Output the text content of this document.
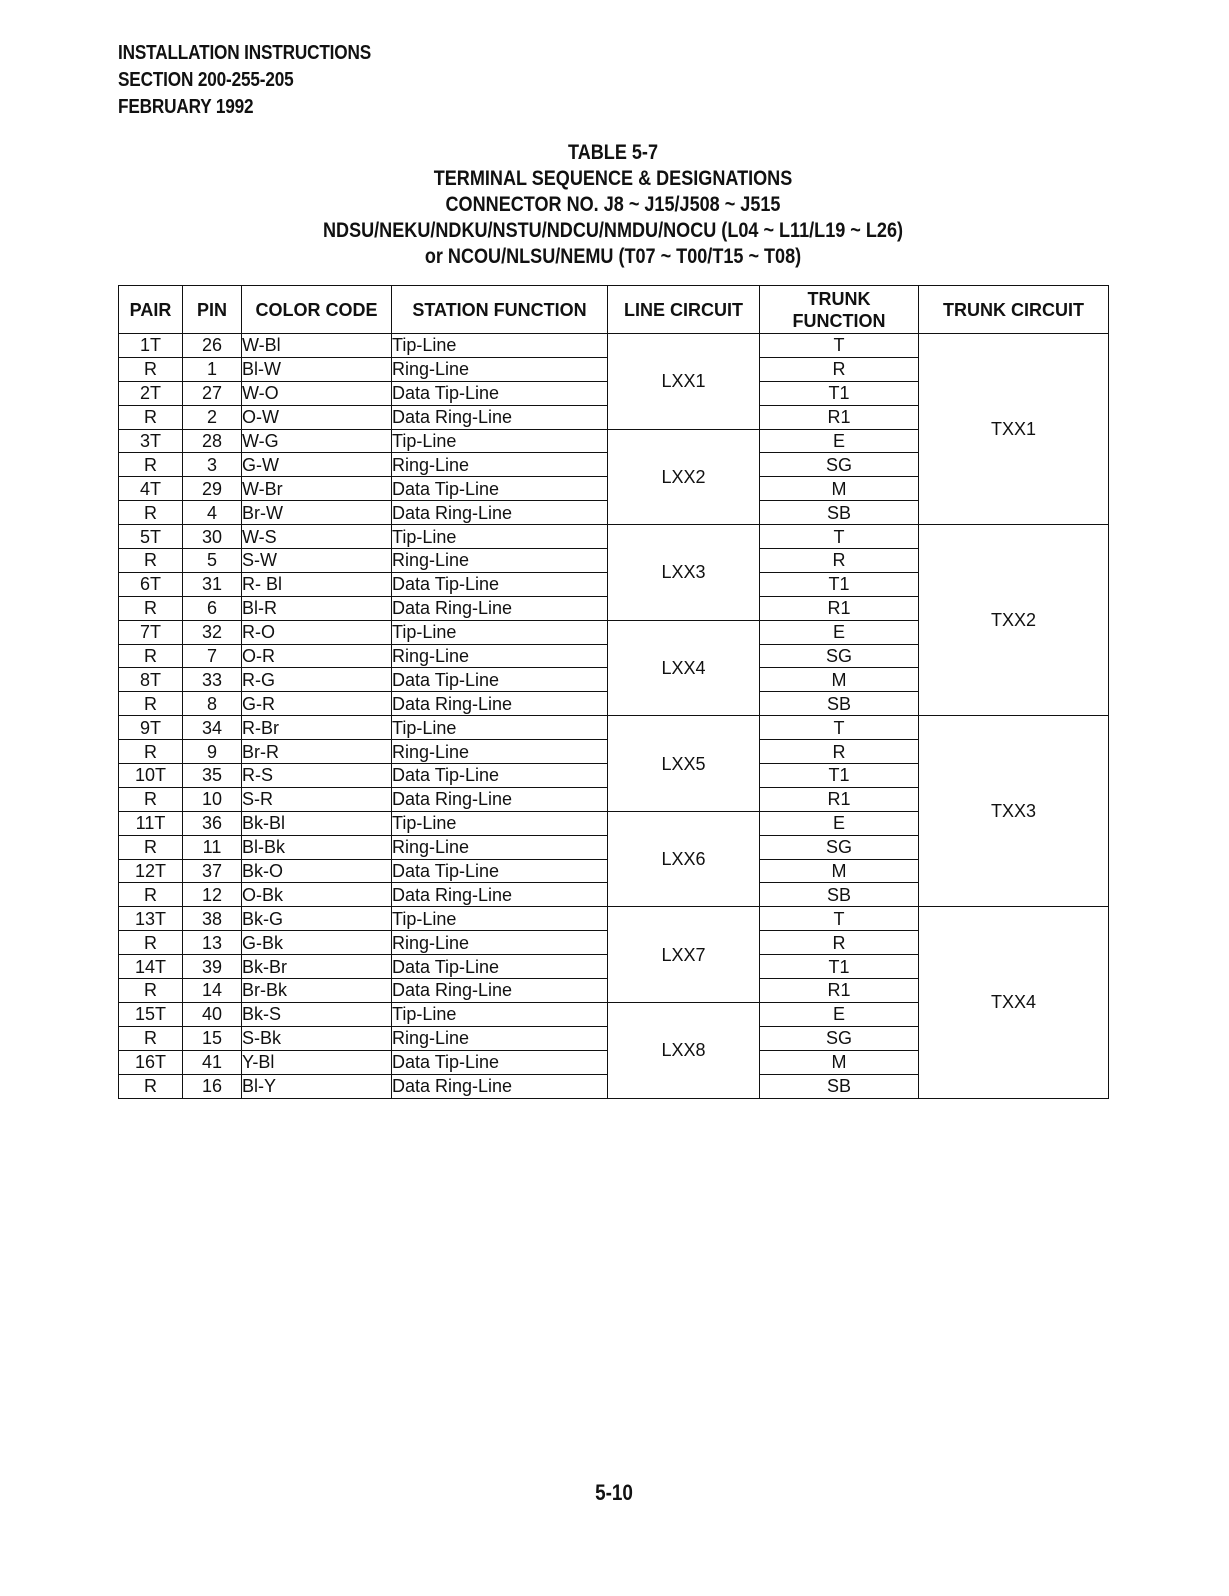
INSTALLATION INSTRUCTIONS
SECTION 200-255-205
FEBRUARY 1992
TABLE 5-7
TERMINAL SEQUENCE & DESIGNATIONS
CONNECTOR NO. J8 ~ J15/J508 ~ J515
NDSU/NEKU/NDKU/NSTU/NDCU/NMDU/NOCU (L04 ~ L11/L19 ~ L26)
or NCOU/NLSU/NEMU (T07 ~ T00/T15 ~ T08)
PAIR	PIN	COLOR CODE	STATION FUNCTION	LINE CIRCUIT	TRUNK FUNCTION	TRUNK CIRCUIT
1T	26	W-Bl	Tip-Line	LXX1	T	TXX1
R	1	Bl-W	Ring-Line		R	
2T	27	W-O	Data Tip-Line		T1	
R	2	O-W	Data Ring-Line		R1	
3T	28	W-G	Tip-Line	LXX2	E	
R	3	G-W	Ring-Line		SG	
4T	29	W-Br	Data Tip-Line		M	
R	4	Br-W	Data Ring-Line		SB	
5T	30	W-S	Tip-Line	LXX3	T	TXX2
R	5	S-W	Ring-Line		R	
6T	31	R- Bl	Data Tip-Line		T1	
R	6	Bl-R	Data Ring-Line		R1	
7T	32	R-O	Tip-Line	LXX4	E	
R	7	O-R	Ring-Line		SG	
8T	33	R-G	Data Tip-Line		M	
R	8	G-R	Data Ring-Line		SB	
9T	34	R-Br	Tip-Line	LXX5	T	TXX3
R	9	Br-R	Ring-Line		R	
10T	35	R-S	Data Tip-Line		T1	
R	10	S-R	Data Ring-Line		R1	
11T	36	Bk-Bl	Tip-Line	LXX6	E	
R	11	Bl-Bk	Ring-Line		SG	
12T	37	Bk-O	Data Tip-Line		M	
R	12	O-Bk	Data Ring-Line		SB	
13T	38	Bk-G	Tip-Line	LXX7	T	TXX4
R	13	G-Bk	Ring-Line		R	
14T	39	Bk-Br	Data Tip-Line		T1	
R	14	Br-Bk	Data Ring-Line		R1	
15T	40	Bk-S	Tip-Line	LXX8	E	
R	15	S-Bk	Ring-Line		SG	
16T	41	Y-Bl	Data Tip-Line		M	
R	16	Bl-Y	Data Ring-Line		SB	
5-10
